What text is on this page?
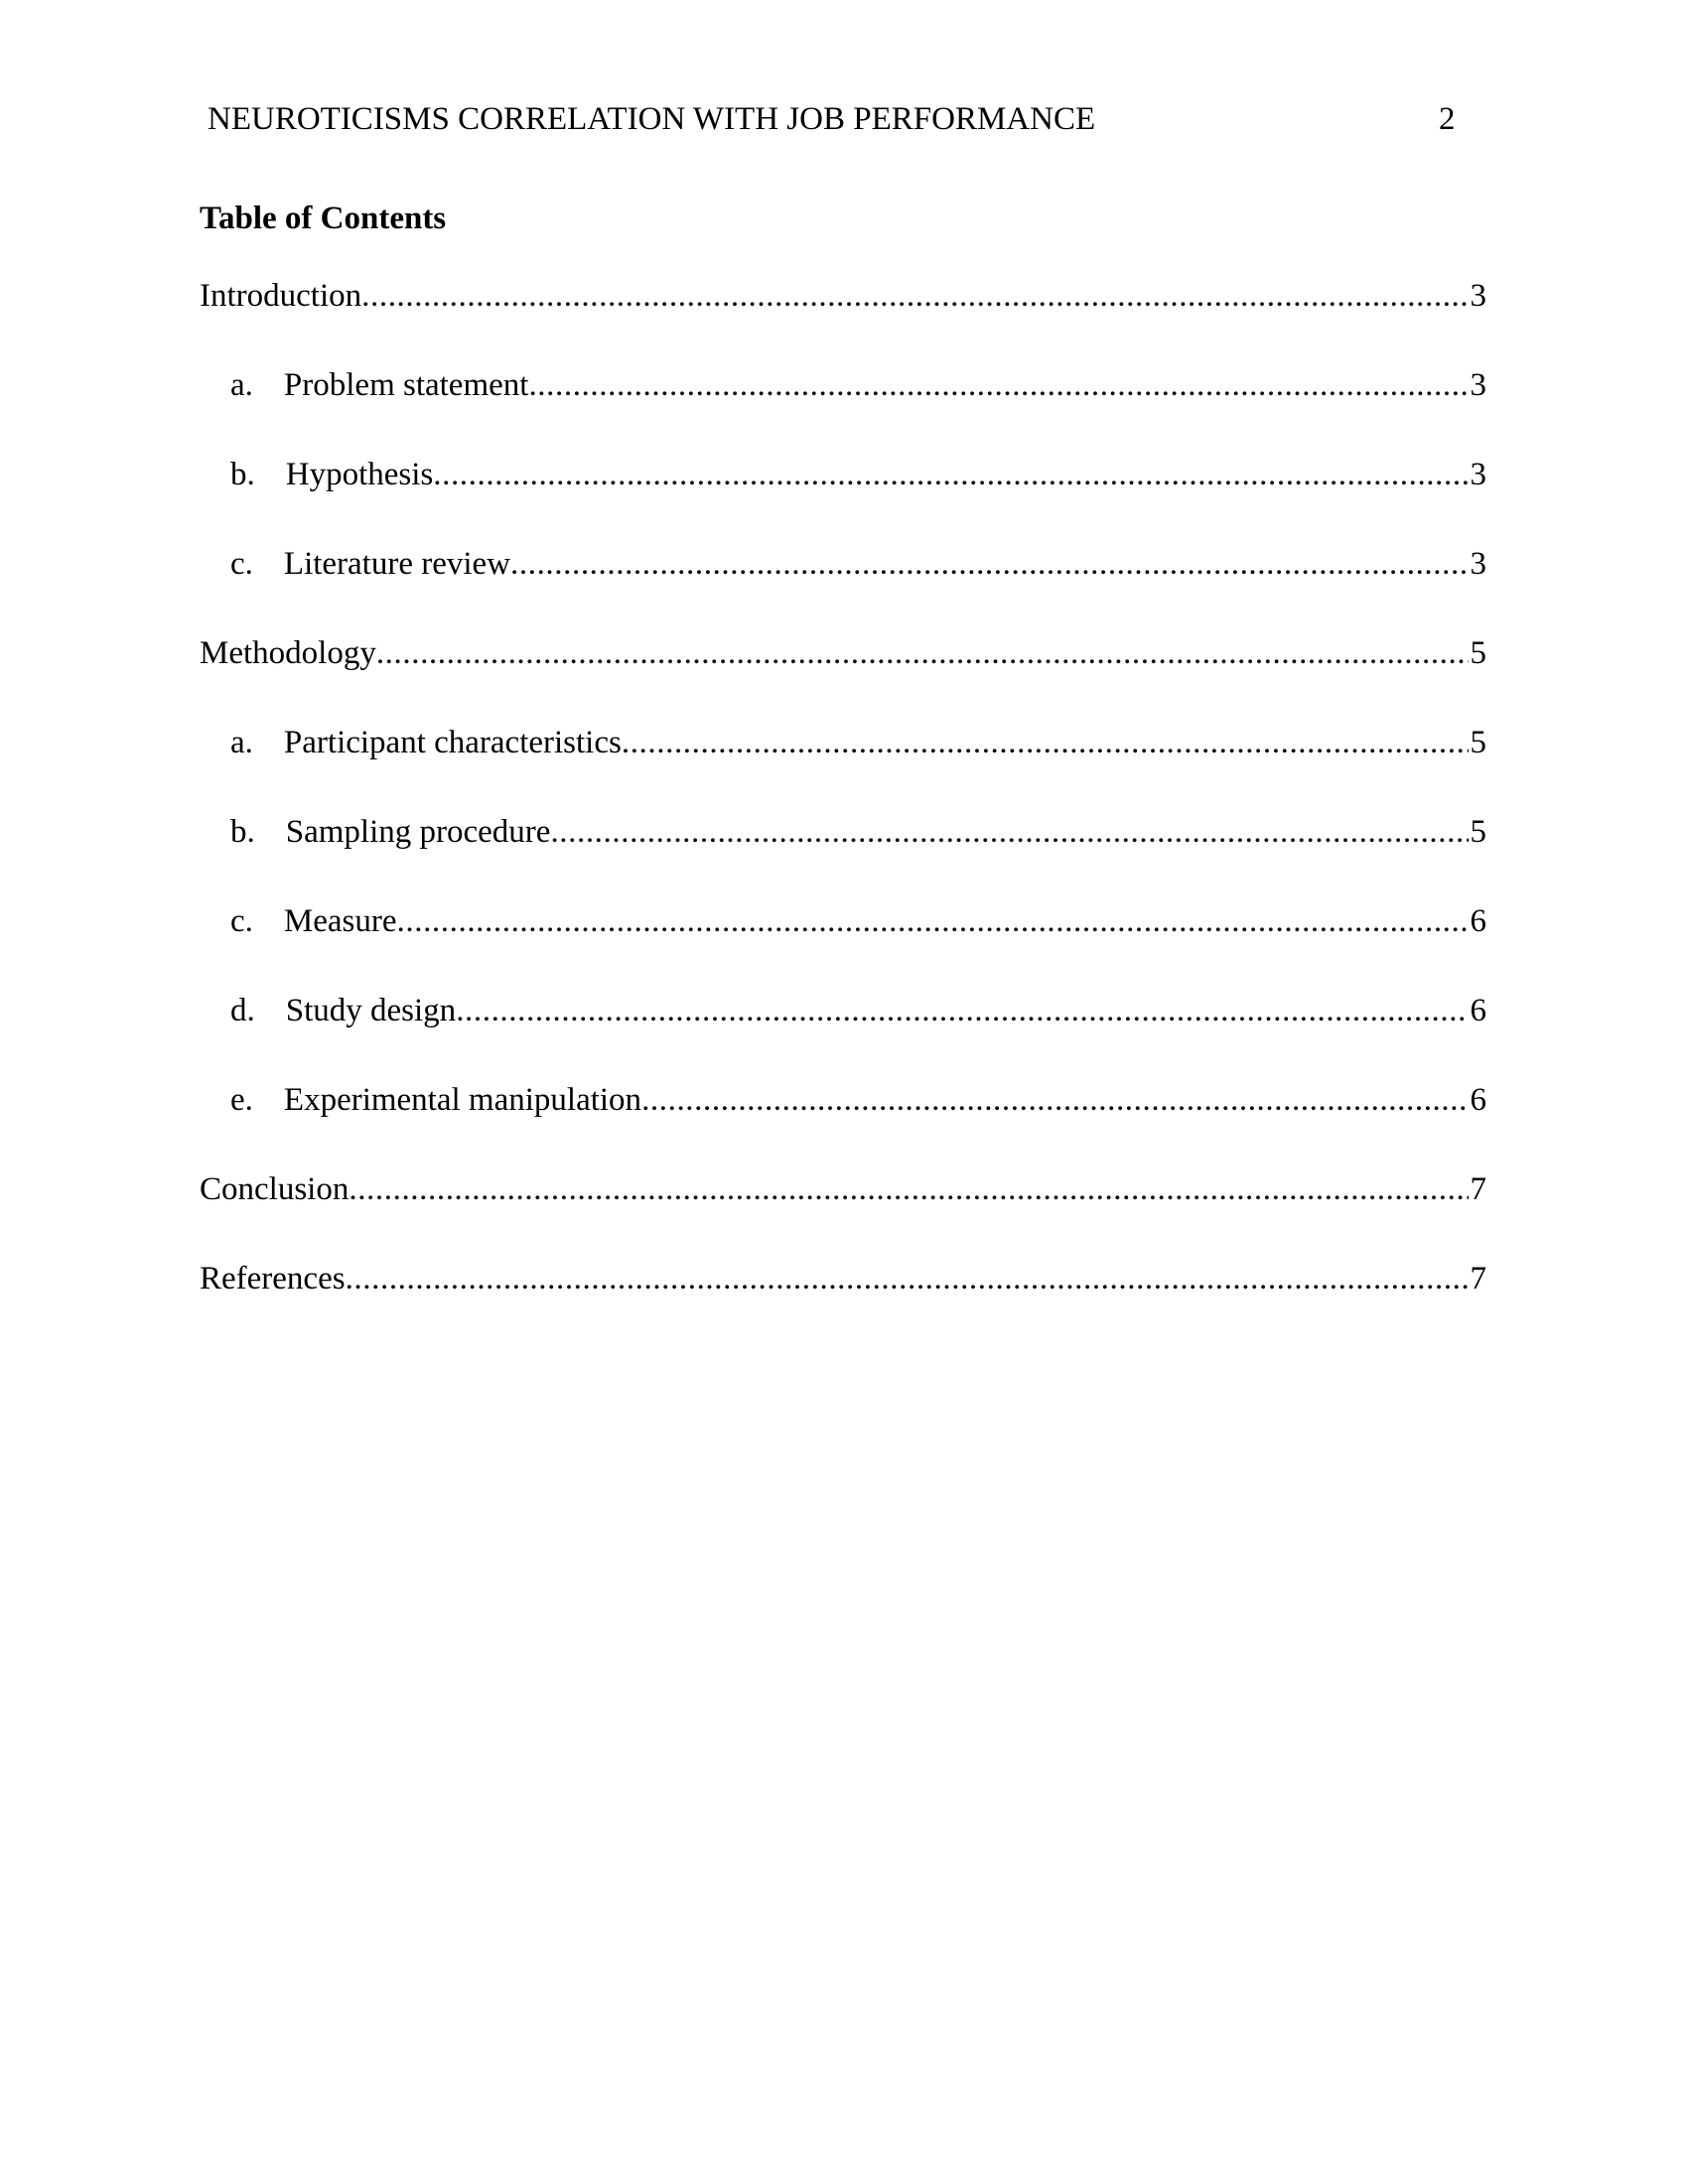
NEUROTICISMS CORRELATION WITH JOB PERFORMANCE	2
Table of Contents
Introduction .....	3
a. Problem statement .....	3
b. Hypothesis .....	3
c. Literature review .....	3
Methodology .....	5
a. Participant characteristics .....	5
b. Sampling procedure .....	5
c. Measure .....	6
d. Study design .....	6
e. Experimental manipulation .....	6
Conclusion .....	7
References .....	7
